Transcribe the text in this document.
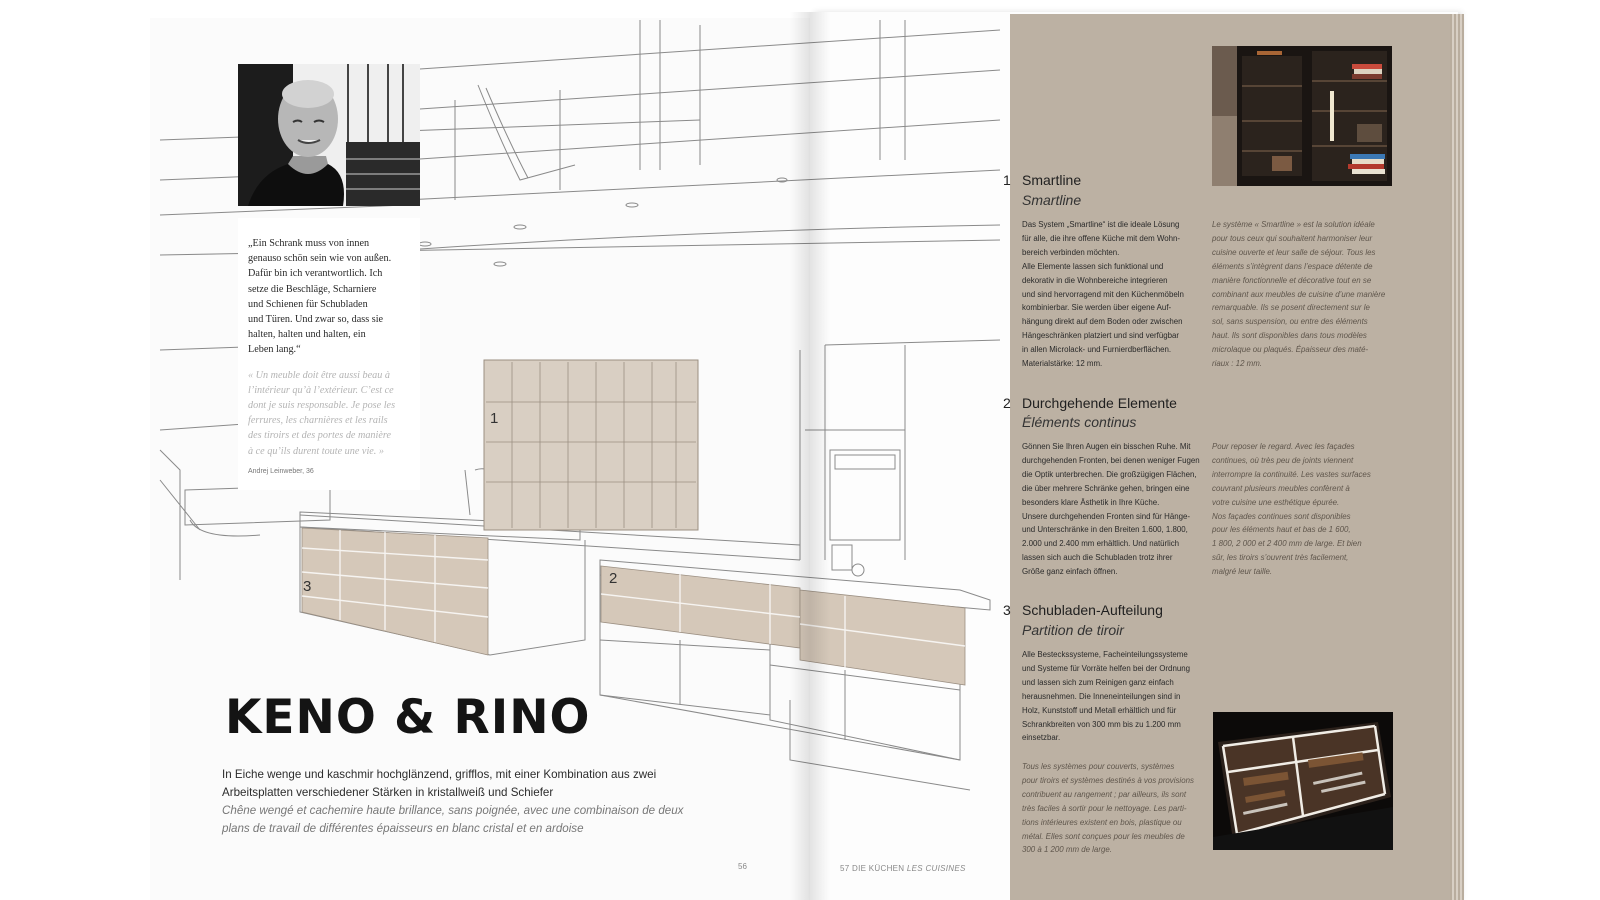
1
2
3
„Ein Schrank muss von innen
genauso schön sein wie von außen.
Dafür bin ich verantwortlich. Ich
setze die Beschläge, Scharniere
und Schienen für Schubladen
und Türen. Und zwar so, dass sie
halten, halten und halten, ein
Leben lang.“
« Un meuble doit être aussi beau à
l’intérieur qu’à l’extérieur. C’est ce
dont je suis responsable. Je pose les
ferrures, les charnières et les rails
des tiroirs et des portes de manière
à ce qu’ils durent toute une vie. »
Andrej Leinweber, 36
KENO & RINO
In Eiche wenge und kaschmir hochglänzend, grifflos, mit einer Kombination aus zwei Arbeitsplatten verschiedener Stärken in kristallweiß und Schiefer
Chêne wengé et cachemire haute brillance, sans poignée, avec une combinaison de deux plans de travail de différentes épaisseurs en blanc cristal et en ardoise
56	57 DIE KÜCHEN LES CUISINES
1 Smartline
Smartline
Das System „Smartline“ ist die ideale Lösung
für alle, die ihre offene Küche mit dem Wohn-
bereich verbinden möchten.
Alle Elemente lassen sich funktional und
dekorativ in die Wohnbereiche integrieren
und sind hervorragend mit den Küchenmöbeln
kombinierbar. Sie werden über eigene Auf-
hängung direkt auf dem Boden oder zwischen
Hängeschränken platziert und sind verfügbar
in allen Microlack- und Furnierdberflächen.
Materialstärke: 12 mm.
Le système « Smartline » est la solution idéale
pour tous ceux qui souhaitent harmoniser leur
cuisine ouverte et leur salle de séjour. Tous les
éléments s’intègrent dans l’espace détente de
manière fonctionnelle et décorative tout en se
combinant aux meubles de cuisine d’une manière
remarquable. Ils se posent directement sur le
sol, sans suspension, ou entre des éléments
haut. Ils sont disponibles dans tous modèles
microlaque ou plaqués. Épaisseur des maté-
riaux : 12 mm.
2 Durchgehende Elemente
Éléments continus
Gönnen Sie Ihren Augen ein bisschen Ruhe. Mit
durchgehenden Fronten, bei denen weniger Fugen
die Optik unterbrechen. Die großzügigen Flächen,
die über mehrere Schränke gehen, bringen eine
besonders klare Ästhetik in Ihre Küche.
Unsere durchgehenden Fronten sind für Hänge-
und Unterschränke in den Breiten 1.600, 1.800,
2.000 und 2.400 mm erhältlich. Und natürlich
lassen sich auch die Schubladen trotz ihrer
Größe ganz einfach öffnen.
Pour reposer le regard. Avec les façades
continues, où très peu de joints viennent
interrompre la continuité. Les vastes surfaces
couvrant plusieurs meubles confèrent à
votre cuisine une esthétique épurée.
Nos façades continues sont disponibles
pour les éléments haut et bas de 1 600,
1 800, 2 000 et 2 400 mm de large. Et bien
sûr, les tiroirs s’ouvrent très facilement,
malgré leur taille.
3 Schubladen-Aufteilung
Partition de tiroir
Alle Besteckssysteme, Facheinteilungssysteme
und Systeme für Vorräte helfen bei der Ordnung
und lassen sich zum Reinigen ganz einfach
herausnehmen. Die Inneneinteilungen sind in
Holz, Kunststoff und Metall erhältlich und für
Schrankbreiten von 300 mm bis zu 1.200 mm
einsetzbar.
Tous les systèmes pour couverts, systèmes
pour tiroirs et systèmes destinés à vos provisions
contribuent au rangement ; par ailleurs, ils sont
très faciles à sortir pour le nettoyage. Les parti-
tions intérieures existent en bois, plastique ou
métal. Elles sont conçues pour les meubles de
300 à 1 200 mm de large.
